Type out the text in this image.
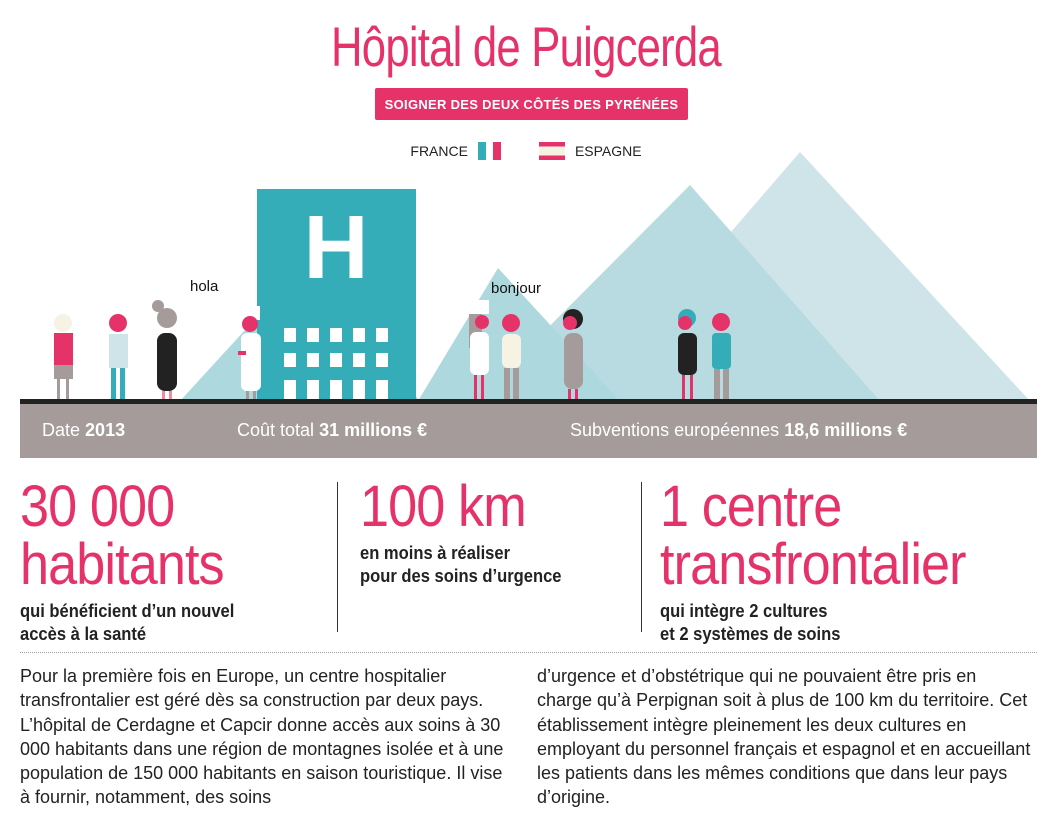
Hôpital de Puigcerda
SOIGNER DES DEUX CÔTÉS DES PYRÉNÉES
FRANCE	ESPAGNE
H
hola	bonjour
Date 2013	Coût total 31 millions €	Subventions européennes 18,6 millions €
30 000
habitants
qui bénéficient d’un nouvel
accès à la santé
100 km
en moins à réaliser
pour des soins d’urgence
1 centre
transfrontalier
qui intègre 2 cultures
et 2 systèmes de soins

Pour la première fois en Europe, un centre hospitalier transfrontalier est géré dès sa construction par deux pays. L’hôpital de Cerdagne et Capcir donne accès aux soins à 30 000 habitants dans une région de montagnes isolée et à une population de 150 000 habitants en saison touristique. Il vise à fournir, notamment, des soins

d’urgence et d’obstétrique qui ne pouvaient être pris en charge qu’à Perpignan soit à plus de 100 km du territoire. Cet établissement intègre pleinement les deux cultures en employant du personnel français et espagnol et en accueillant les patients dans les mêmes conditions que dans leur pays d’origine.
